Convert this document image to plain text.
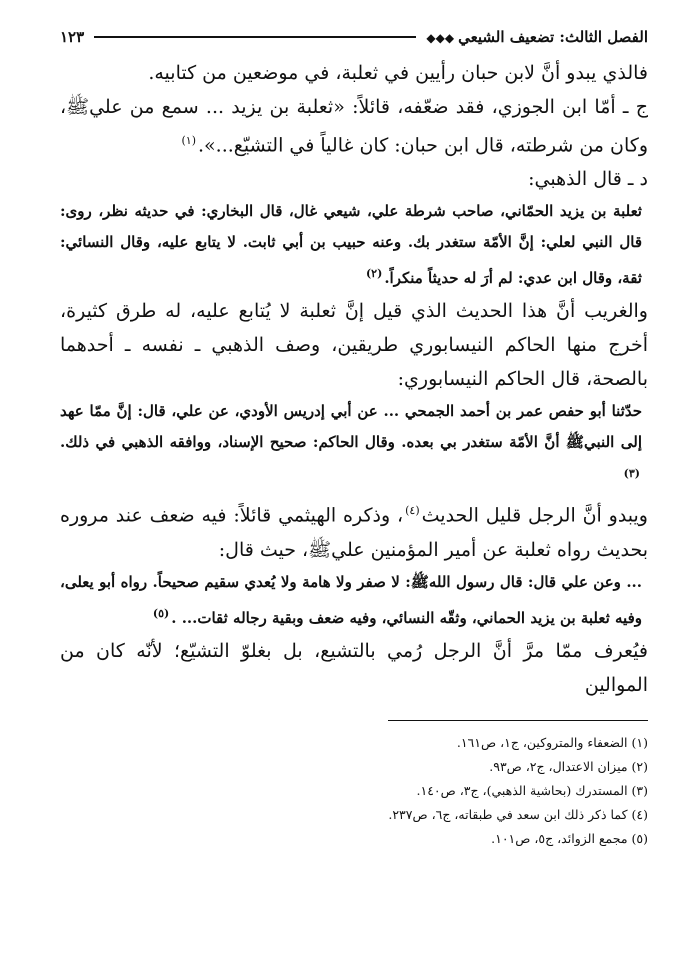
الفصل الثالث: تضعيف الشيعي◆◆◆
١٢٣

فالذي يبدو أنَّ لابن حبان رأيين في ثعلبة، في موضعين من كتابيه.

ج ـ أمّا ابن الجوزي، فقد ضعّفه، قائلاً: «ثعلبة بن يزيد ... سمع من عليﷺ، وكان من شرطته، قال ابن حبان: كان غالياً في التشيّع...».$^{(١)}$

د ـ قال الذهبي:

ثعلبة بن يزيد الحمّاني، صاحب شرطة علي، شيعي غال، قال البخاري: في حديثه نظر، روى: قال النبي لعلي: إنَّ الأمّة ستغدر بك. وعنه حبيب بن أبي ثابت. لا يتابع عليه، وقال النسائي: ثقة، وقال ابن عدي: لم أرَ له حديثاً منكراً.$^{(٢)}$

والغريب أنَّ هذا الحديث الذي قيل إنَّ ثعلبة لا يُتابع عليه، له طرق كثيرة، أخرج منها الحاكم النيسابوري طريقين، وصف الذهبي ـ نفسه ـ أحدهما بالصحة، قال الحاكم النيسابوري:

حدّثنا أبو حفص عمر بن أحمد الجمحي ... عن أبي إدريس الأودي، عن علي، قال: إنَّ ممّا عهد إلى النبيﷺ أنَّ الأمّة ستغدر بي بعده. وقال الحاكم: صحيح الإسناد، ووافقه الذهبي في ذلك.$^{(٣)}$

ويبدو أنَّ الرجل قليل الحديث$^{(٤)}$، وذكره الهيثمي قائلاً: فيه ضعف عند مروره بحديث رواه ثعلبة عن أمير المؤمنين عليﷺ، حيث قال:

... وعن علي قال: قال رسول اللهﷺ: لا صفر ولا هامة ولا يُعدي سقيم صحيحاً. رواه أبو يعلى، وفيه ثعلبة بن يزيد الحماني، وثقّه النسائي، وفيه ضعف وبقية رجاله ثقات... .$^{(٥)}$

فيُعرف ممّا مرَّ أنَّ الرجل رُمي بالتشيع، بل بغلوّ التشيّع؛ لأنّه كان من الموالين

(١) الضعفاء والمتروكين، ج١، ص١٦١.
(٢) ميزان الاعتدال، ج٢، ص٩٣.
(٣) المستدرك (بحاشية الذهبي)، ج٣، ص١٤٠.
(٤) كما ذكر ذلك ابن سعد في طبقاته، ج٦، ص٢٣٧.
(٥) مجمع الزوائد، ج٥، ص١٠١.
